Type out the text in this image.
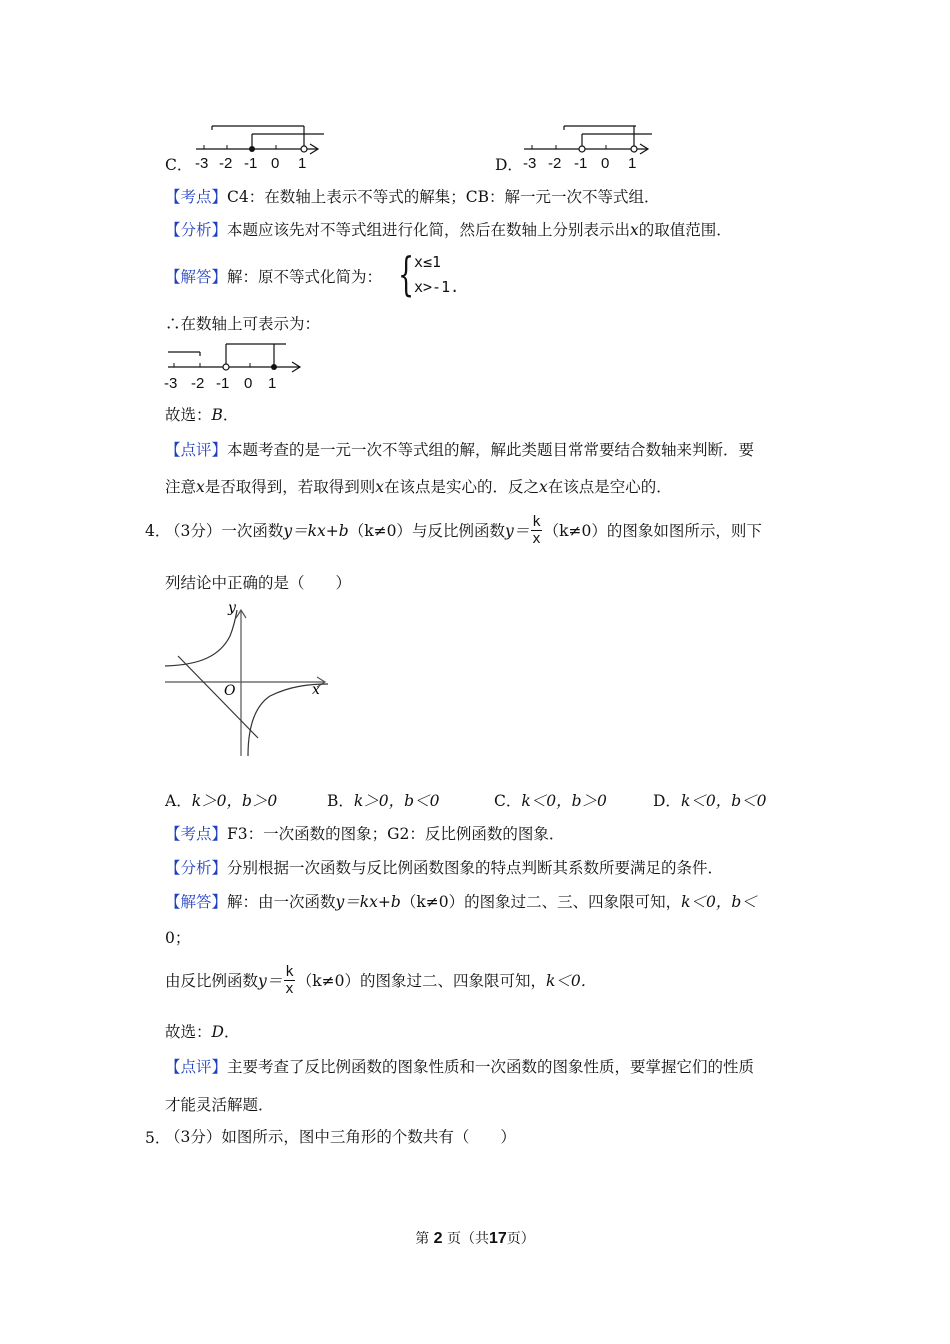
C． -3 -2 -1 0 1	D． -3 -2 -1 0 1
【考点】C4：在数轴上表示不等式的解集；CB：解一元一次不等式组．
【分析】本题应该先对不等式组进行化简，然后在数轴上分别表示出x的取值范围．
【解答】解：原不等式化简为： { x≤1
x>-1.
∴在数轴上可表示为：
-3 -2 -1 0 1
故选：B．
【点评】本题考查的是一元一次不等式组的解，解此类题目常常要结合数轴来判断．要
注意x是否取得到，若取得到则x在该点是实心的．反之x在该点是空心的．
4．
（3分）一次函数y＝kx+b（k≠0）与反比例函数$y= \frac{k}{x} (k\ne 0)$的图象如图所示，则下
列结论中正确的是（　　）
O
y
x
A．k＞0，b＞0	B．k＞0，b＜0	C．k＜0，b＞0	D．k＜0，b＜0
【考点】F3：一次函数的图象；G2：反比例函数的图象．
【分析】分别根据一次函数与反比例函数图象的特点判断其系数所要满足的条件．
【解答】解：由一次函数y＝kx+b（k≠0）的图象过二、三、四象限可知，k＜0，b＜
0；
由反比例函数$y= \frac{k}{x} (k\ne 0)$的图象过二、四象限可知，k＜0．
故选：D．
【点评】主要考查了反比例函数的图象性质和一次函数的图象性质，要掌握它们的性质
才能灵活解题．
5．
（3分）如图所示，图中三角形的个数共有（　　）
第 2 页（共17页）
